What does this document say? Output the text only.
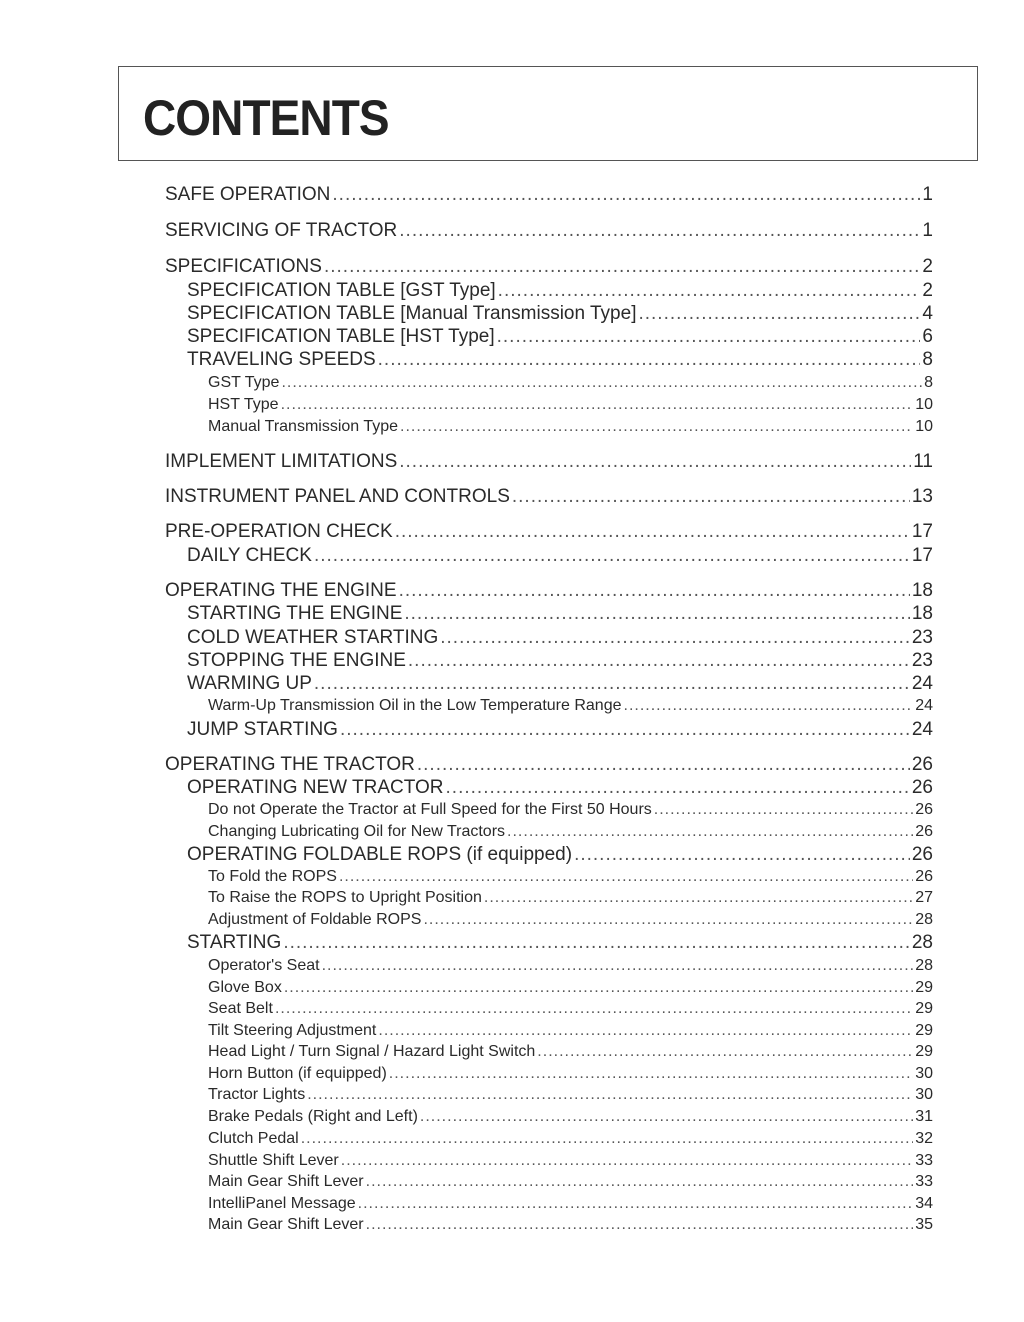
CONTENTS
SAFE OPERATION .....	1
SERVICING OF TRACTOR .....	1
SPECIFICATIONS .....	2
SPECIFICATION TABLE [GST Type] .....	2
SPECIFICATION TABLE [Manual Transmission Type] .....	4
SPECIFICATION TABLE [HST Type] .....	6
TRAVELING SPEEDS .....	8
GST Type .....	8
HST Type .....	10
Manual Transmission Type .....	10
IMPLEMENT LIMITATIONS .....	11
INSTRUMENT PANEL AND CONTROLS .....	13
PRE-OPERATION CHECK .....	17
DAILY CHECK .....	17
OPERATING THE ENGINE .....	18
STARTING THE ENGINE .....	18
COLD WEATHER STARTING .....	23
STOPPING THE ENGINE .....	23
WARMING UP .....	24
Warm-Up Transmission Oil in the Low Temperature Range .....	24
JUMP STARTING .....	24
OPERATING THE TRACTOR .....	26
OPERATING NEW TRACTOR .....	26
Do not Operate the Tractor at Full Speed for the First 50 Hours .....	26
Changing Lubricating Oil for New Tractors .....	26
OPERATING FOLDABLE ROPS (if equipped) .....	26
To Fold the ROPS .....	26
To Raise the ROPS to Upright Position .....	27
Adjustment of Foldable ROPS .....	28
STARTING .....	28
Operator's Seat .....	28
Glove Box .....	29
Seat Belt .....	29
Tilt Steering Adjustment .....	29
Head Light / Turn Signal / Hazard Light Switch .....	29
Horn Button (if equipped) .....	30
Tractor Lights .....	30
Brake Pedals (Right and Left) .....	31
Clutch Pedal .....	32
Shuttle Shift Lever .....	33
Main Gear Shift Lever .....	33
IntelliPanel Message .....	34
Main Gear Shift Lever .....	35
